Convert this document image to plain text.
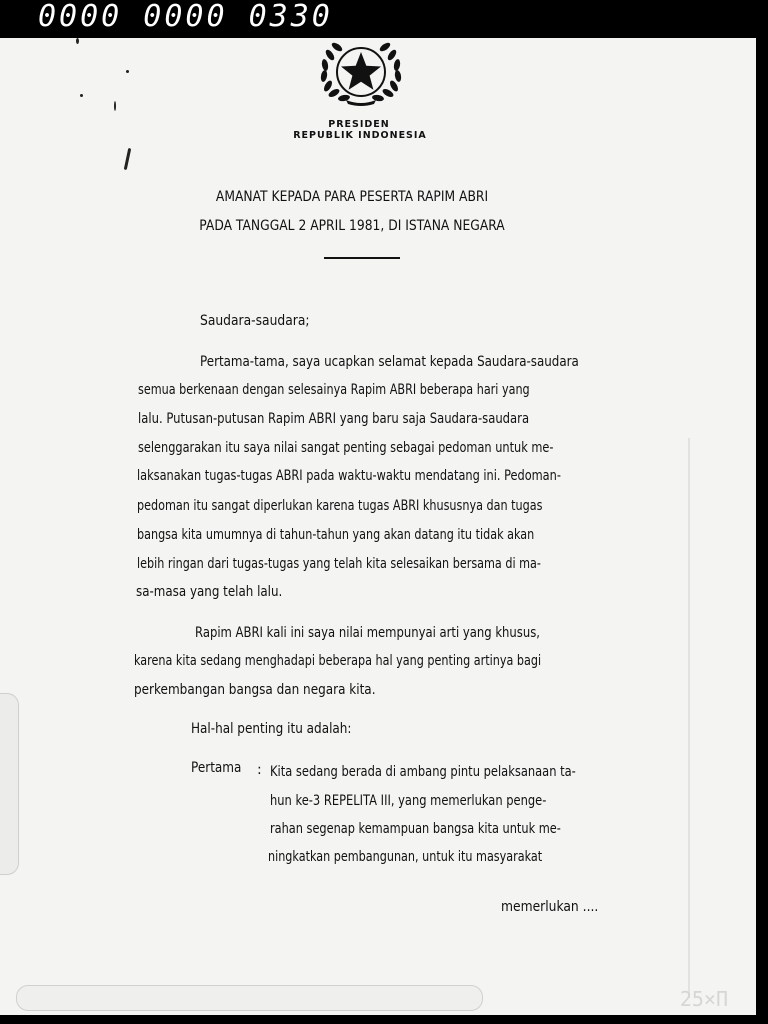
0000 0000 0330
PRESIDEN
REPUBLIK INDONESIA
AMANAT KEPADA PARA PESERTA RAPIM ABRI
PADA TANGGAL 2 APRIL 1981, DI ISTANA NEGARA
Saudara-saudara;
Pertama-tama, saya ucapkan selamat kepada Saudara-saudara
semua berkenaan dengan selesainya Rapim ABRI beberapa hari yang
lalu. Putusan-putusan Rapim ABRI yang baru saja Saudara-saudara
selenggarakan itu saya nilai sangat penting sebagai pedoman untuk me-
laksanakan tugas-tugas ABRI pada waktu-waktu mendatang ini. Pedoman-
pedoman itu sangat diperlukan karena tugas ABRI khususnya dan tugas
bangsa kita umumnya di tahun-tahun yang akan datang itu tidak akan
lebih ringan dari tugas-tugas yang telah kita selesaikan bersama di ma-
sa-masa yang telah lalu.
Rapim ABRI kali ini saya nilai mempunyai arti yang khusus,
karena kita sedang menghadapi beberapa hal yang penting artinya bagi
perkembangan bangsa dan negara kita.
Hal-hal penting itu adalah:
Pertama : Kita sedang berada di ambang pintu pelaksanaan ta-
hun ke-3 REPELITA III, yang memerlukan penge-
rahan segenap kemampuan bangsa kita untuk me-
ningkatkan pembangunan, untuk itu masyarakat
memerlukan ....
25×Π
